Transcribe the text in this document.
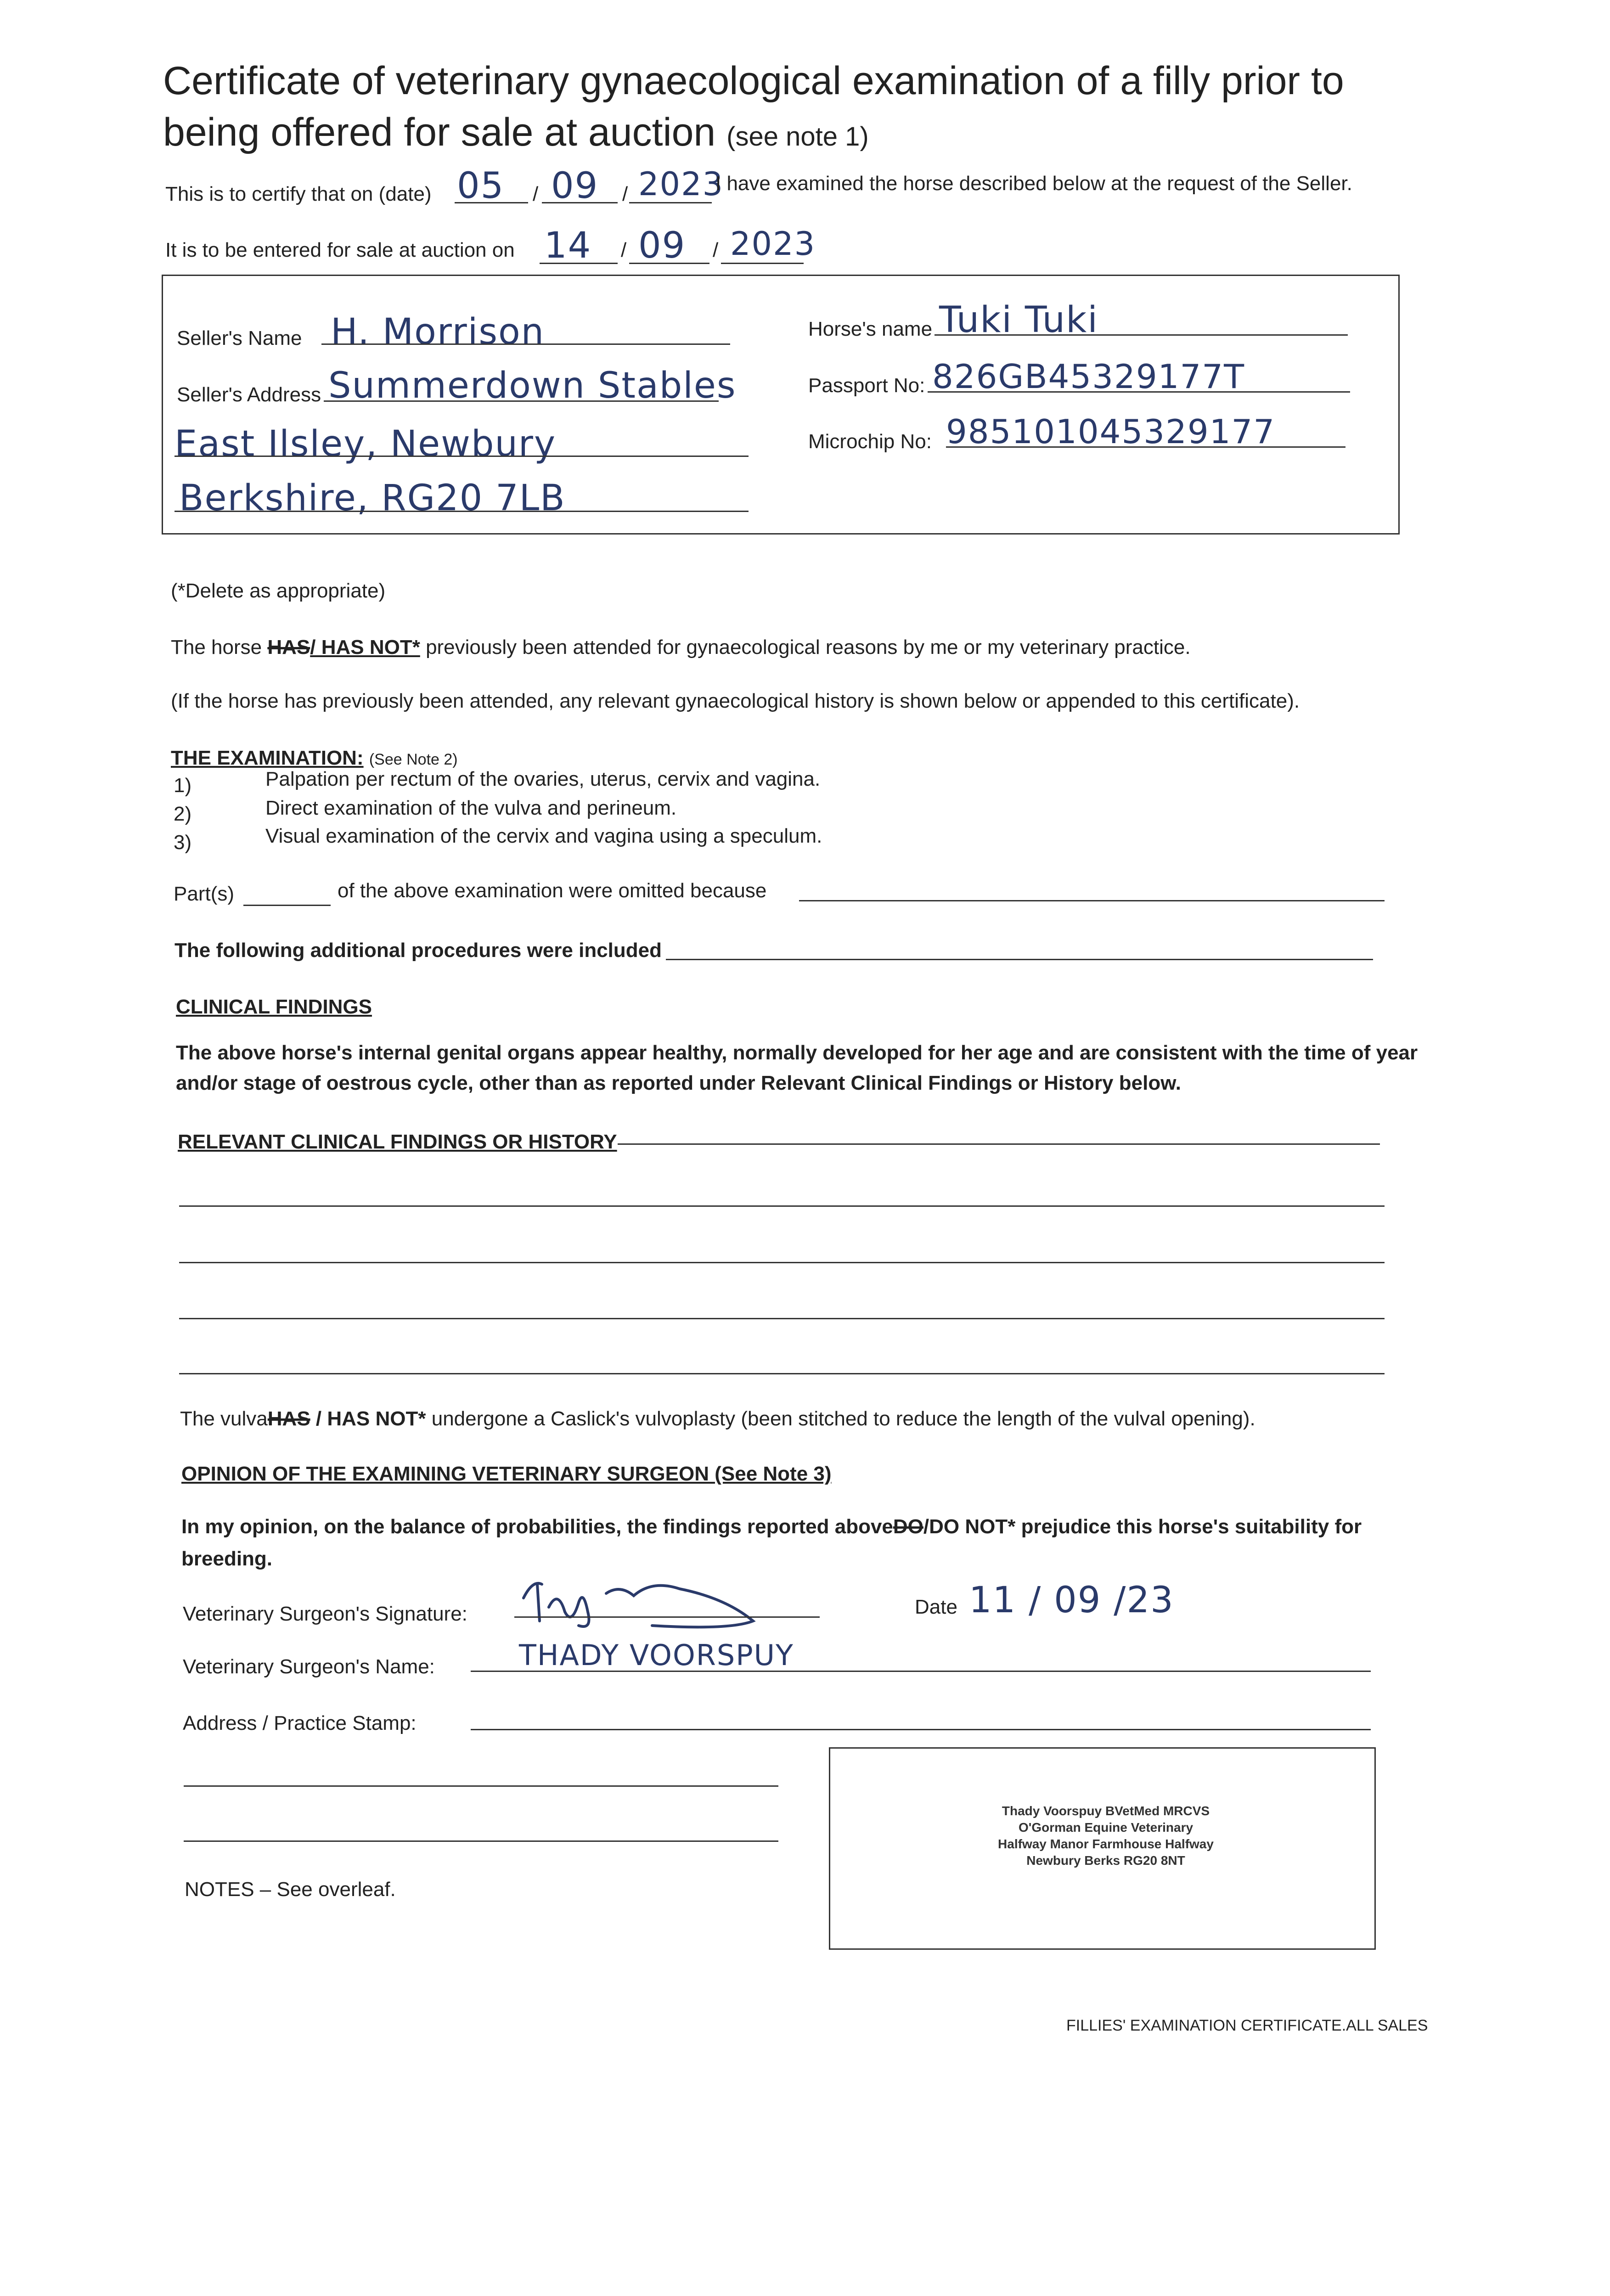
Certificate of veterinary gynaecological examination of a filly prior to being offered for sale at auction (see note 1)
This is to certify that on (date) 05 / 09 / 2023
I have examined the horse described below at the request of the Seller.
It is to be entered for sale at auction on 14 / 09 / 2023
Seller's Name H. Morrison
Seller's Address Summerdown Stables
East Ilsley, Newbury
Berkshire, RG20 7LB
Horse's name Tuki Tuki
Passport No: 826GB45329177T
Microchip No: 985101045329177
(*Delete as appropriate)
The horse HAS/ HAS NOT* previously been attended for gynaecological reasons by me or my veterinary practice.
(If the horse has previously been attended, any relevant gynaecological history is shown below or appended to this certificate).
THE EXAMINATION: (See Note 2)
1)	Palpation per rectum of the ovaries, uterus, cervix and vagina.
2)	Direct examination of the vulva and perineum.
3)	Visual examination of the cervix and vagina using a speculum.
Part(s)	of the above examination were omitted because
The following additional procedures were included
CLINICAL FINDINGS
The above horse's internal genital organs appear healthy, normally developed for her age and are consistent with the time of year and/or stage of oestrous cycle, other than as reported under Relevant Clinical Findings or History below.
RELEVANT CLINICAL FINDINGS OR HISTORY
The vulvaHAS / HAS NOT* undergone a Caslick's vulvoplasty (been stitched to reduce the length of the vulval opening).
OPINION OF THE EXAMINING VETERINARY SURGEON (See Note 3)
In my opinion, on the balance of probabilities, the findings reported aboveDO/DO NOT* prejudice this horse's suitability for
breeding.
Veterinary Surgeon's Signature:	Date 11 / 09 /23
Veterinary Surgeon's Name:	THADY VOORSPUY
Address / Practice Stamp:
Thady Voorspuy BVetMed MRCVS
O'Gorman Equine Veterinary
Halfway Manor Farmhouse Halfway
Newbury Berks RG20 8NT
NOTES – See overleaf.
FILLIES' EXAMINATION CERTIFICATE.ALL SALES
